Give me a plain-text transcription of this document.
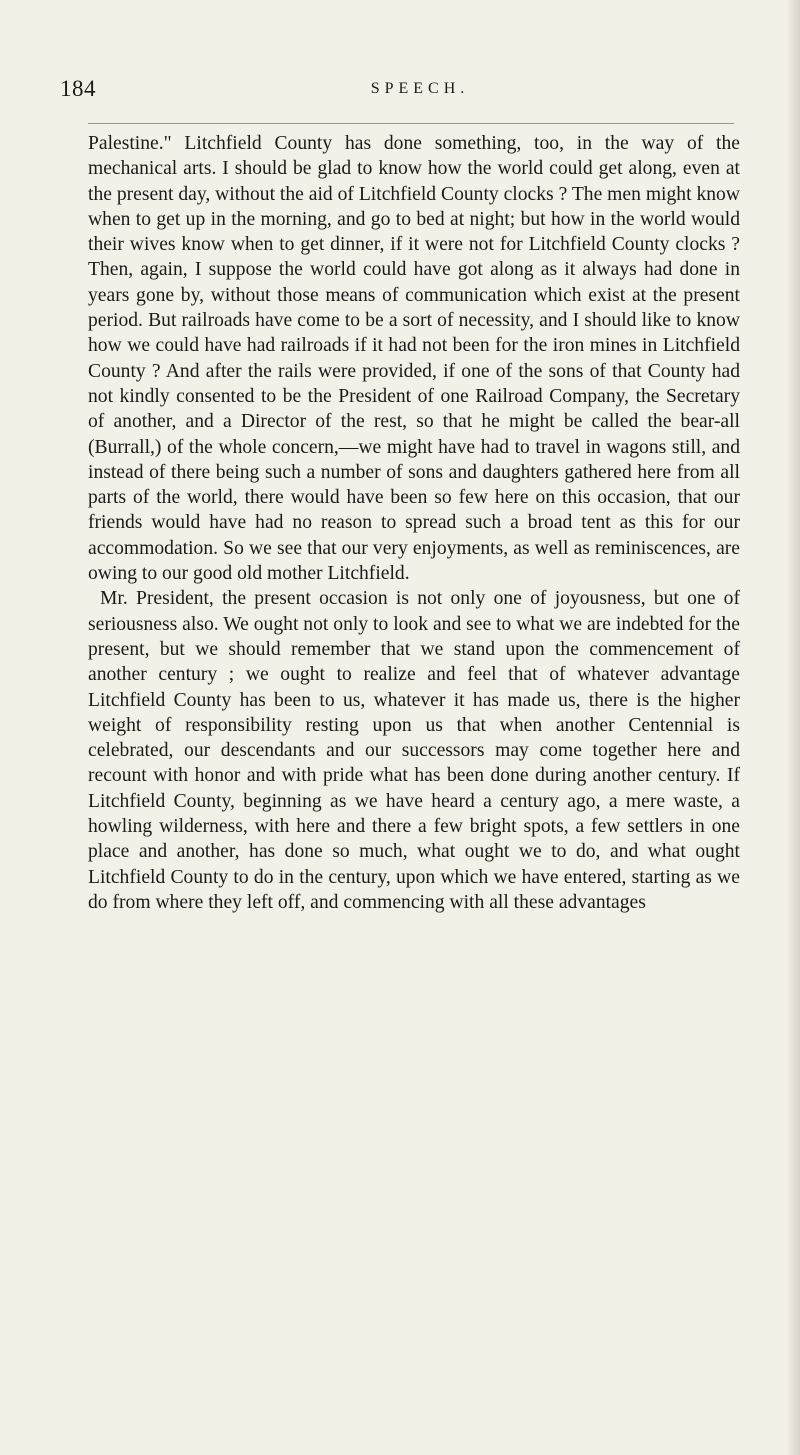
184	SPEECH.

Palestine." Litchfield County has done something, too, in the way of the mechanical arts. I should be glad to know how the world could get along, even at the present day, without the aid of Litchfield County clocks ? The men might know when to get up in the morning, and go to bed at night; but how in the world would their wives know when to get dinner, if it were not for Litchfield County clocks ? Then, again, I suppose the world could have got along as it always had done in years gone by, without those means of communication which exist at the present period. But railroads have come to be a sort of necessity, and I should like to know how we could have had railroads if it had not been for the iron mines in Litchfield County ? And after the rails were provided, if one of the sons of that County had not kindly consented to be the President of one Railroad Company, the Secretary of another, and a Director of the rest, so that he might be called the bear-all (Burrall,) of the whole concern,—we might have had to travel in wagons still, and instead of there being such a number of sons and daughters gathered here from all parts of the world, there would have been so few here on this occasion, that our friends would have had no reason to spread such a broad tent as this for our accommodation. So we see that our very enjoyments, as well as reminiscences, are owing to our good old mother Litchfield.

Mr. President, the present occasion is not only one of joyousness, but one of seriousness also. We ought not only to look and see to what we are indebted for the present, but we should remember that we stand upon the commencement of another century ; we ought to realize and feel that of whatever advantage Litchfield County has been to us, whatever it has made us, there is the higher weight of responsibility resting upon us that when another Centennial is celebrated, our descendants and our successors may come together here and recount with honor and with pride what has been done during another century. If Litchfield County, beginning as we have heard a century ago, a mere waste, a howling wilderness, with here and there a few bright spots, a few settlers in one place and another, has done so much, what ought we to do, and what ought Litchfield County to do in the century, upon which we have entered, starting as we do from where they left off, and commencing with all these advantages
